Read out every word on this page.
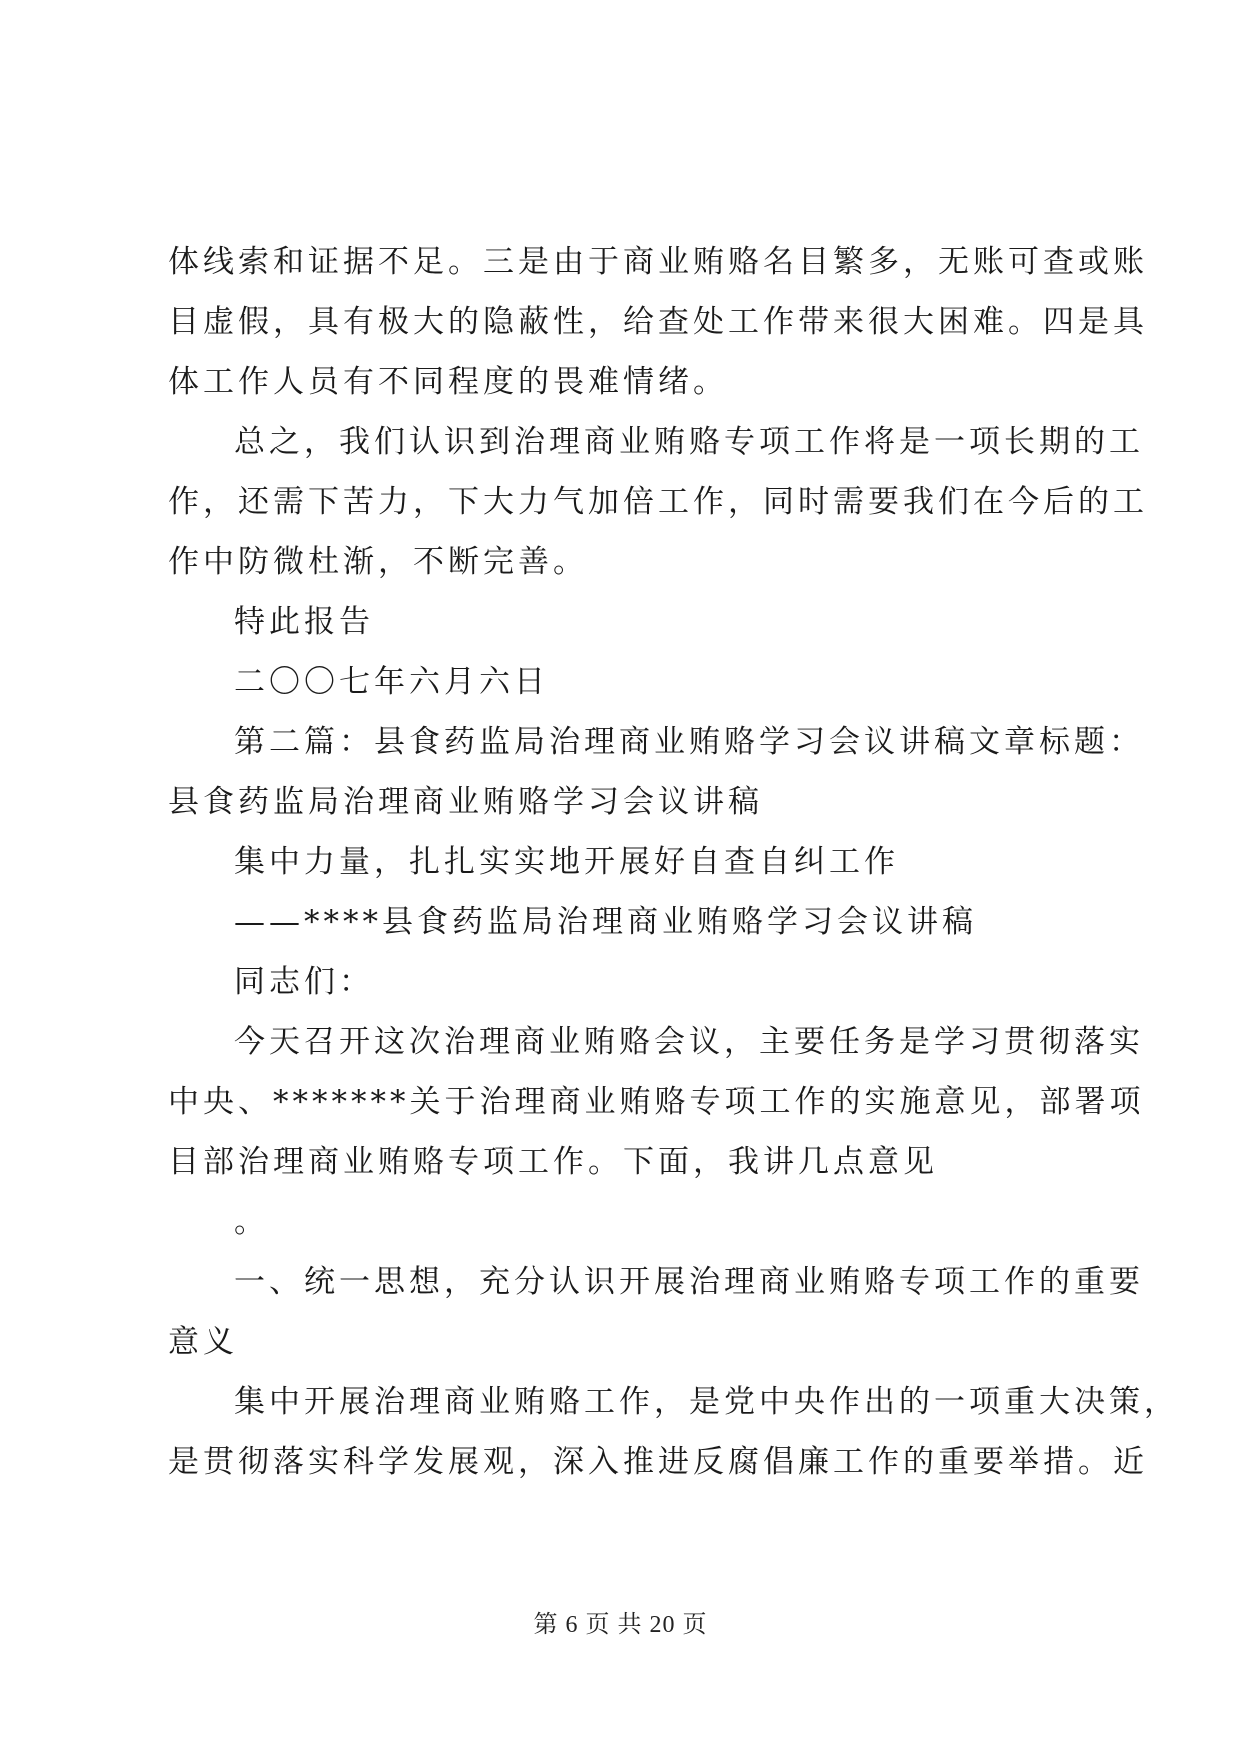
体线索和证据不足。三是由于商业贿赂名目繁多，无账可查或账
目虚假，具有极大的隐蔽性，给查处工作带来很大困难。四是具
体工作人员有不同程度的畏难情绪。
总之，我们认识到治理商业贿赂专项工作将是一项长期的工
作，还需下苦力，下大力气加倍工作，同时需要我们在今后的工
作中防微杜渐，不断完善。
特此报告
二〇〇七年六月六日
第二篇：县食药监局治理商业贿赂学习会议讲稿文章标题：
县食药监局治理商业贿赂学习会议讲稿
集中力量，扎扎实实地开展好自查自纠工作
——****县食药监局治理商业贿赂学习会议讲稿
同志们：
今天召开这次治理商业贿赂会议，主要任务是学习贯彻落实
中央、*******关于治理商业贿赂专项工作的实施意见，部署项
目部治理商业贿赂专项工作。下面，我讲几点意见
。
一、统一思想，充分认识开展治理商业贿赂专项工作的重要
意义
集中开展治理商业贿赂工作，是党中央作出的一项重大决策，
是贯彻落实科学发展观，深入推进反腐倡廉工作的重要举措。近
第 6 页 共 20 页
